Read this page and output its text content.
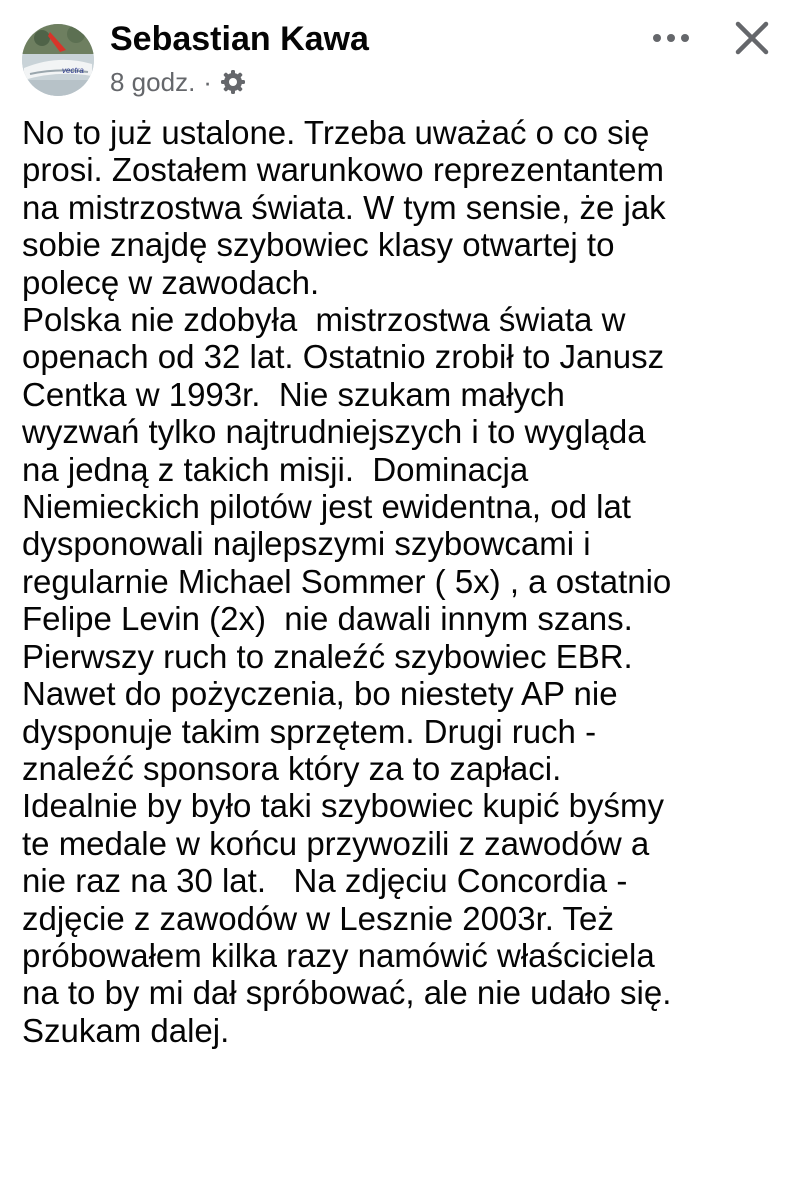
vectra
Sebastian Kawa
8 godz. ·
No to już ustalone. Trzeba uważać o co się
prosi. Zostałem warunkowo reprezentantem
na mistrzostwa świata. W tym sensie, że jak
sobie znajdę szybowiec klasy otwartej to
polecę w zawodach.
Polska nie zdobyła  mistrzostwa świata w
openach od 32 lat. Ostatnio zrobił to Janusz
Centka w 1993r.  Nie szukam małych
wyzwań tylko najtrudniejszych i to wygląda
na jedną z takich misji.  Dominacja
Niemieckich pilotów jest ewidentna, od lat
dysponowali najlepszymi szybowcami i
regularnie Michael Sommer ( 5x) , a ostatnio
Felipe Levin (2x)  nie dawali innym szans.
Pierwszy ruch to znaleźć szybowiec EBR.
Nawet do pożyczenia, bo niestety AP nie
dysponuje takim sprzętem. Drugi ruch -
znaleźć sponsora który za to zapłaci.
Idealnie by było taki szybowiec kupić byśmy
te medale w końcu przywozili z zawodów a
nie raz na 30 lat.   Na zdjęciu Concordia -
zdjęcie z zawodów w Lesznie 2003r. Też
próbowałem kilka razy namówić właściciela
na to by mi dał spróbować, ale nie udało się.
Szukam dalej.
